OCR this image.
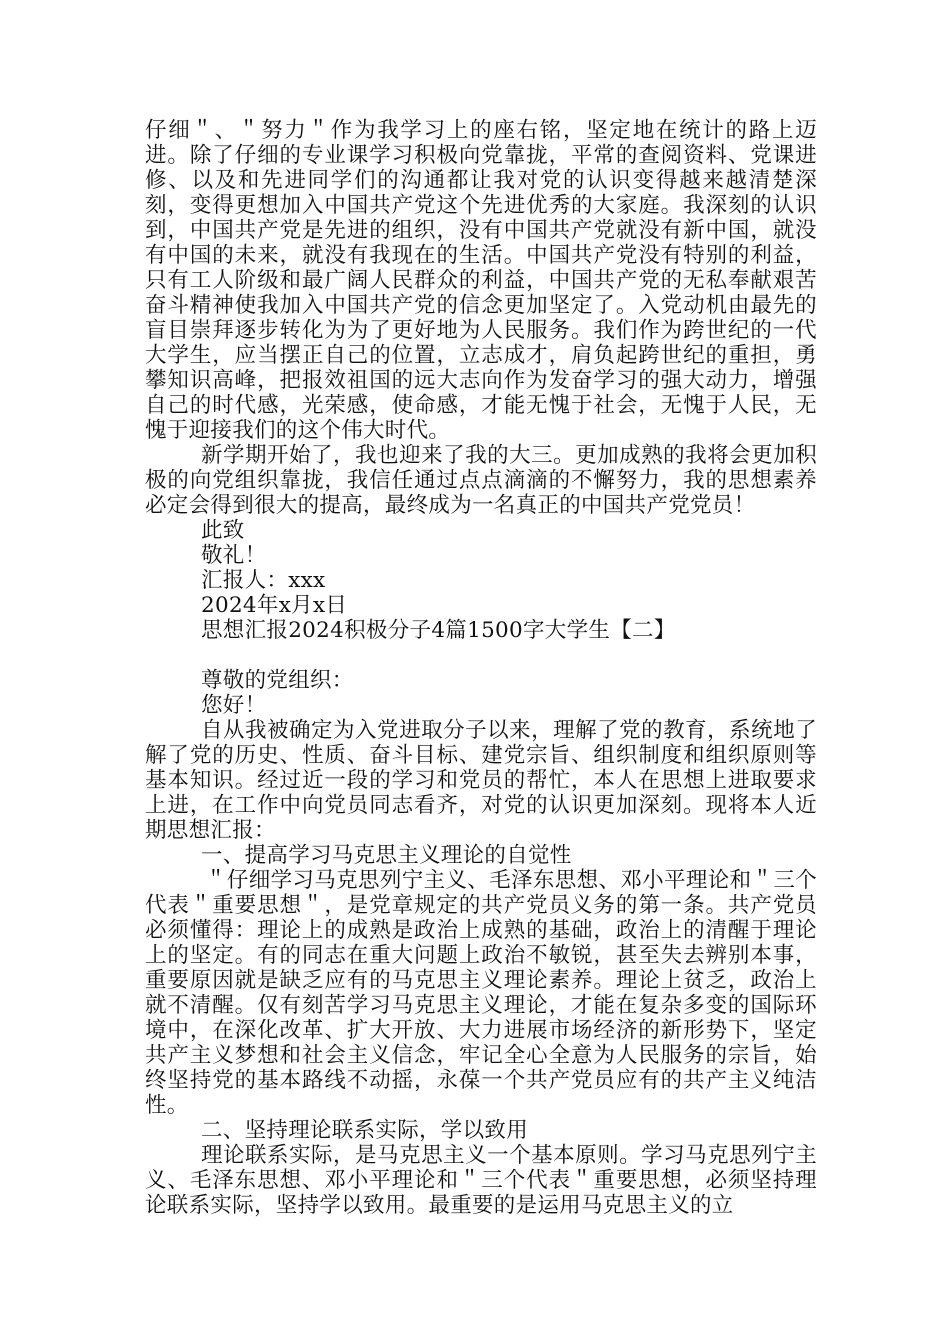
仔细＂、＂努力＂作为我学习上的座右铭，坚定地在统计的路上迈进。除了仔细的专业课学习积极向党靠拢，平常的查阅资料、党课进修、以及和先进同学们的沟通都让我对党的认识变得越来越清楚深刻，变得更想加入中国共产党这个先进优秀的大家庭。我深刻的认识到，中国共产党是先进的组织，没有中国共产党就没有新中国，就没有中国的未来，就没有我现在的生活。中国共产党没有特别的利益，只有工人阶级和最广阔人民群众的利益，中国共产党的无私奉献艰苦奋斗精神使我加入中国共产党的信念更加坚定了。入党动机由最先的盲目崇拜逐步转化为为了更好地为人民服务。我们作为跨世纪的一代大学生，应当摆正自己的位置，立志成才，肩负起跨世纪的重担，勇攀知识高峰，把报效祖国的远大志向作为发奋学习的强大动力，增强自己的时代感，光荣感，使命感，才能无愧于社会，无愧于人民，无愧于迎接我们的这个伟大时代。

新学期开始了，我也迎来了我的大三。更加成熟的我将会更加积极的向党组织靠拢，我信任通过点点滴滴的不懈努力，我的思想素养必定会得到很大的提高，最终成为一名真正的中国共产党党员！

此致

敬礼！

汇报人：xxx

2024年x月x日

思想汇报2024积极分子4篇1500字大学生【二】

尊敬的党组织：

您好！

自从我被确定为入党进取分子以来，理解了党的教育，系统地了解了党的历史、性质、奋斗目标、建党宗旨、组织制度和组织原则等基本知识。经过近一段的学习和党员的帮忙，本人在思想上进取要求上进，在工作中向党员同志看齐，对党的认识更加深刻。现将本人近期思想汇报：

一、提高学习马克思主义理论的自觉性

＂仔细学习马克思列宁主义、毛泽东思想、邓小平理论和＂三个代表＂重要思想＂，是党章规定的共产党员义务的第一条。共产党员必须懂得：理论上的成熟是政治上成熟的基础，政治上的清醒于理论上的坚定。有的同志在重大问题上政治不敏锐，甚至失去辨别本事，重要原因就是缺乏应有的马克思主义理论素养。理论上贫乏，政治上就不清醒。仅有刻苦学习马克思主义理论，才能在复杂多变的国际环境中，在深化改革、扩大开放、大力进展市场经济的新形势下，坚定共产主义梦想和社会主义信念，牢记全心全意为人民服务的宗旨，始终坚持党的基本路线不动摇，永葆一个共产党员应有的共产主义纯洁性。

二、坚持理论联系实际，学以致用

理论联系实际，是马克思主义一个基本原则。学习马克思列宁主义、毛泽东思想、邓小平理论和＂三个代表＂重要思想，必须坚持理论联系实际，坚持学以致用。最重要的是运用马克思主义的立
